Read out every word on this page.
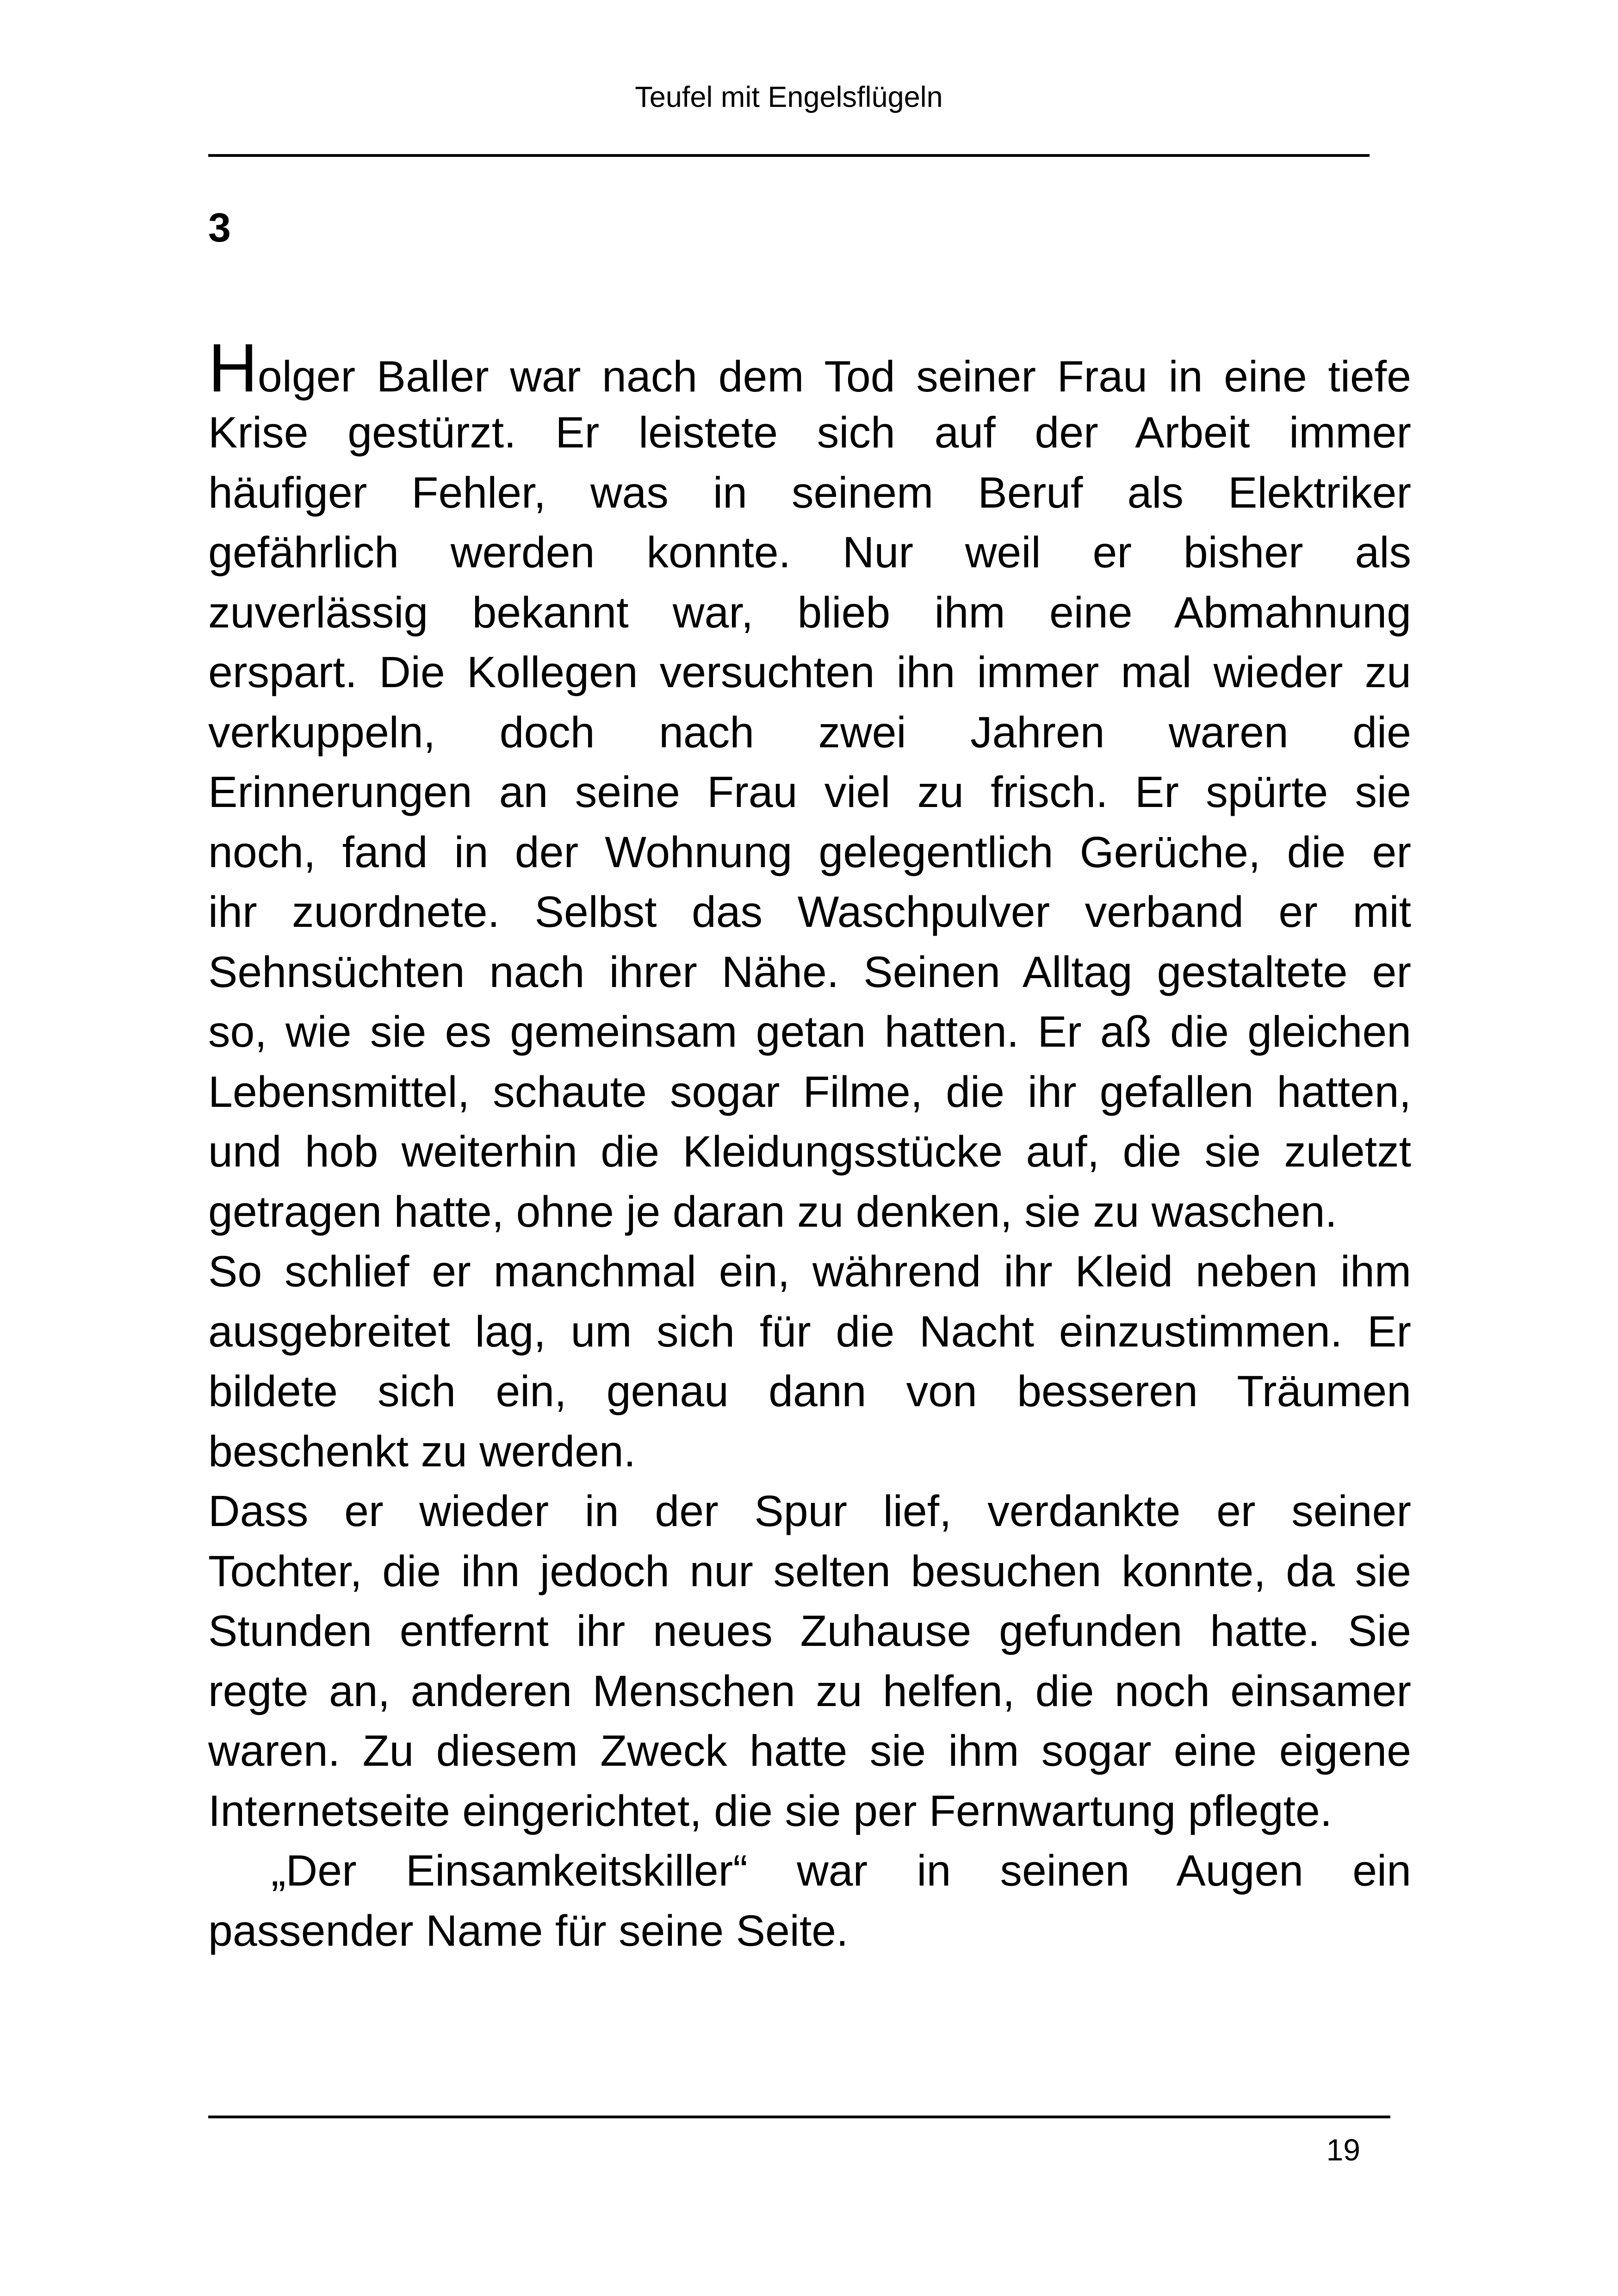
Teufel mit Engelsflügeln
3
Holger Baller war nach dem Tod seiner Frau in eine tiefe
Krise gestürzt. Er leistete sich auf der Arbeit immer
häufiger Fehler, was in seinem Beruf als Elektriker
gefährlich werden konnte. Nur weil er bisher als
zuverlässig bekannt war, blieb ihm eine Abmahnung
erspart. Die Kollegen versuchten ihn immer mal wieder zu
verkuppeln, doch nach zwei Jahren waren die
Erinnerungen an seine Frau viel zu frisch. Er spürte sie
noch, fand in der Wohnung gelegentlich Gerüche, die er
ihr zuordnete. Selbst das Waschpulver verband er mit
Sehnsüchten nach ihrer Nähe. Seinen Alltag gestaltete er
so, wie sie es gemeinsam getan hatten. Er aß die gleichen
Lebensmittel, schaute sogar Filme, die ihr gefallen hatten,
und hob weiterhin die Kleidungsstücke auf, die sie zuletzt
getragen hatte, ohne je daran zu denken, sie zu waschen.
So schlief er manchmal ein, während ihr Kleid neben ihm
ausgebreitet lag, um sich für die Nacht einzustimmen. Er
bildete sich ein, genau dann von besseren Träumen
beschenkt zu werden.
Dass er wieder in der Spur lief, verdankte er seiner
Tochter, die ihn jedoch nur selten besuchen konnte, da sie
Stunden entfernt ihr neues Zuhause gefunden hatte. Sie
regte an, anderen Menschen zu helfen, die noch einsamer
waren. Zu diesem Zweck hatte sie ihm sogar eine eigene
Internetseite eingerichtet, die sie per Fernwartung pflegte.
„Der Einsamkeitskiller“ war in seinen Augen ein
passender Name für seine Seite.
19
